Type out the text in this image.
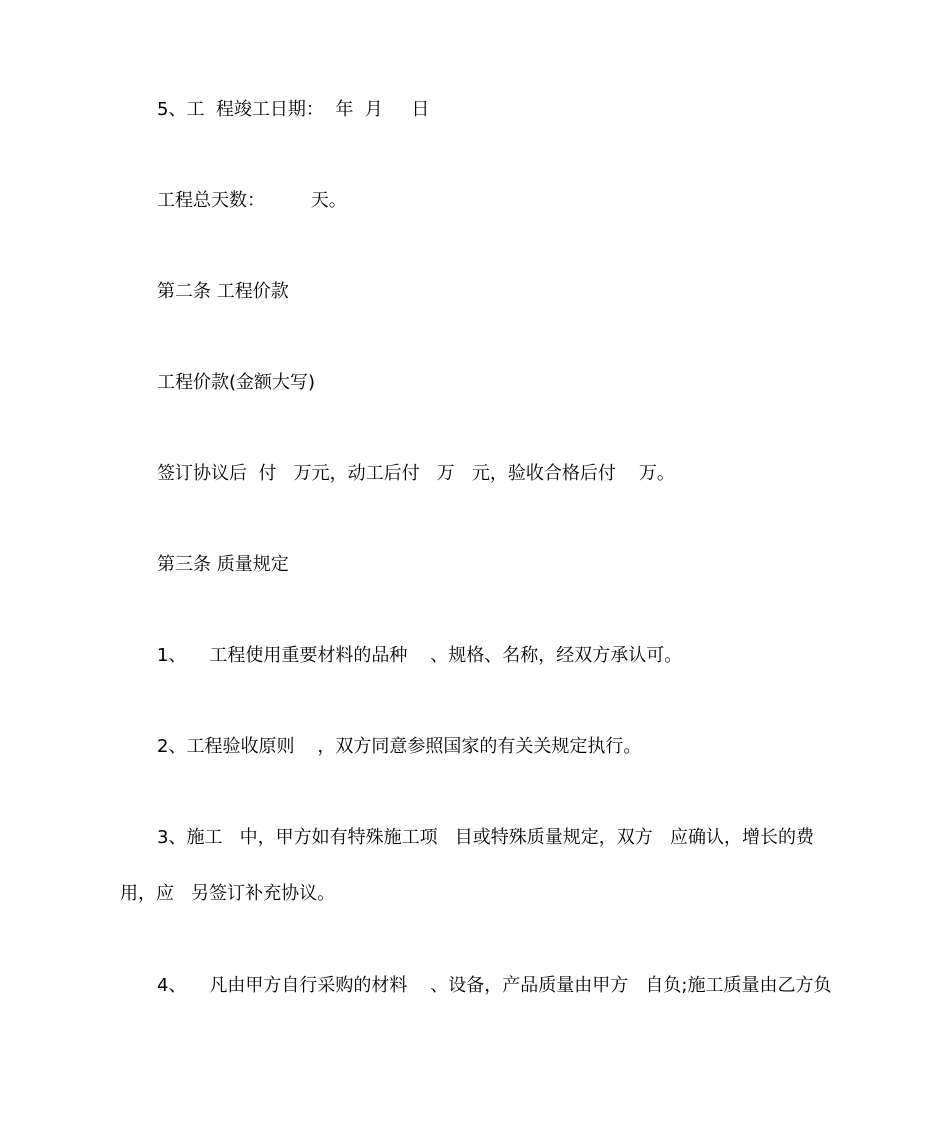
5、工  程竣工日期：  年  月     日
工程总天数：        天。
第二条 工程价款
工程价款(金额大写)
签订协议后  付   万元，动工后付   万   元，验收合格后付    万。
第三条 质量规定
1、    工程使用重要材料的品种    、规格、名称，经双方承认可。
2、工程验收原则    ，双方同意参照国家的有关关规定执行。
3、施工   中，甲方如有特殊施工项   目或特殊质量规定，双方   应确认，增长的费
用，应   另签订补充协议。
4、    凡由甲方自行采购的材料    、设备，产品质量由甲方   自负;施工质量由乙方负
